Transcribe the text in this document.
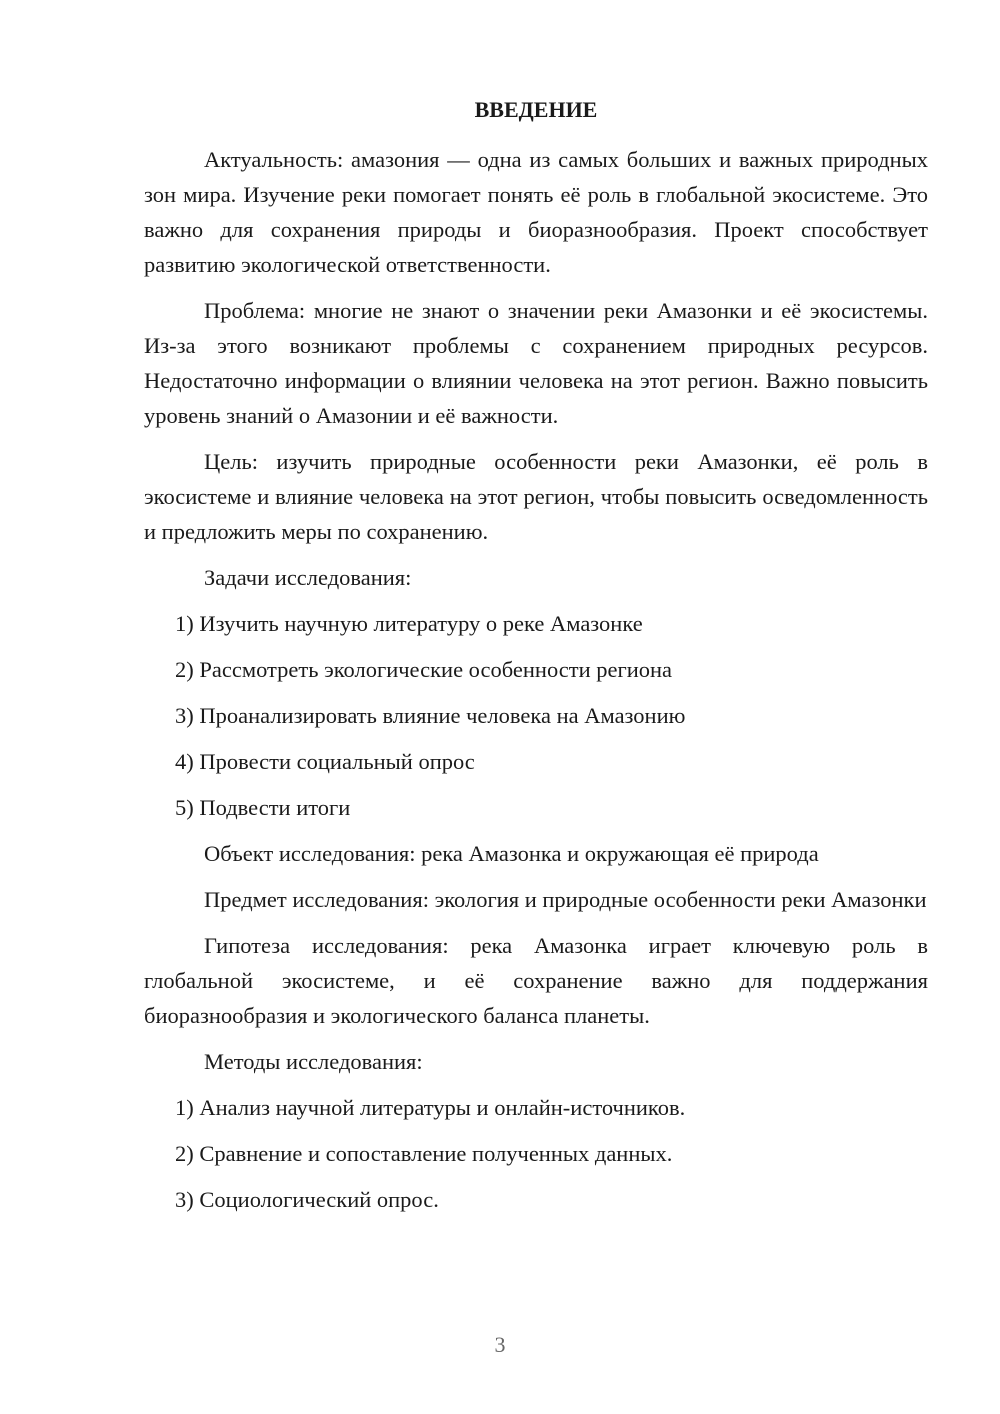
ВВЕДЕНИЕ

Актуальность: амазония — одна из самых больших и важных природных зон мира. Изучение реки помогает понять её роль в глобальной экосистеме. Это важно для сохранения природы и биоразнообразия. Проект способствует развитию экологической ответственности.

Проблема: многие не знают о значении реки Амазонки и её экосистемы. Из-за этого возникают проблемы с сохранением природных ресурсов. Недостаточно информации о влиянии человека на этот регион. Важно повысить уровень знаний о Амазонии и её важности.

Цель: изучить природные особенности реки Амазонки, её роль в экосистеме и влияние человека на этот регион, чтобы повысить осведомленность и предложить меры по сохранению.

Задачи исследования:
1) Изучить научную литературу о реке Амазонке
2) Рассмотреть экологические особенности региона
3) Проанализировать влияние человека на Амазонию
4) Провести социальный опрос
5) Подвести итоги
Объект исследования: река Амазонка и окружающая её природа

Предмет исследования: экология и природные особенности реки Амазонки

Гипотеза исследования: река Амазонка играет ключевую роль в глобальной экосистеме, и её сохранение важно для поддержания биоразнообразия и экологического баланса планеты.

Методы исследования:
1) Анализ научной литературы и онлайн-источников.
2) Сравнение и сопоставление полученных данных.
3) Социологический опрос.
3
